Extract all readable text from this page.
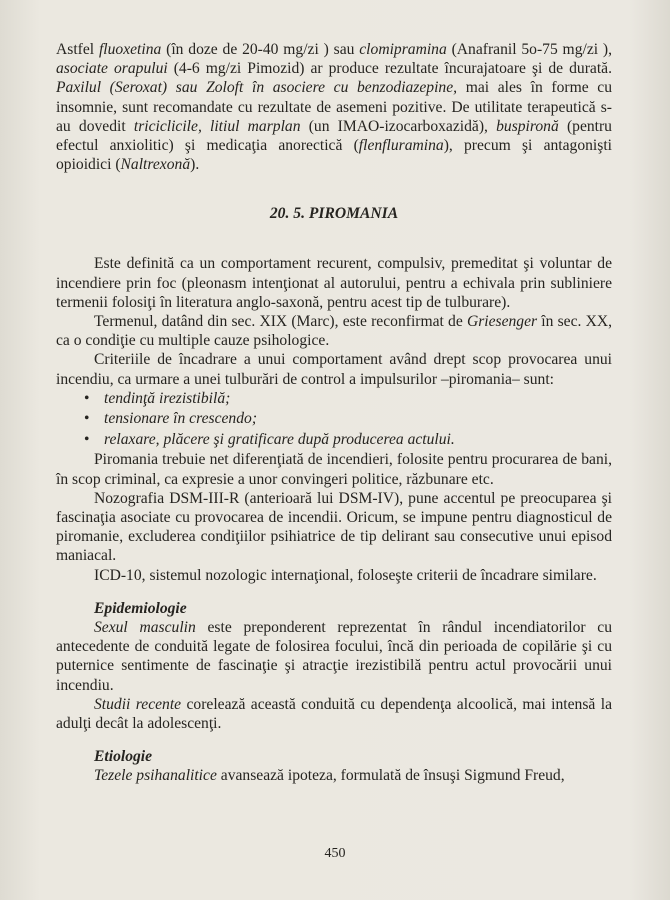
Astfel fluoxetina (în doze de 20-40 mg/zi ) sau clomipramina (Anafranil 5o-75 mg/zi ), asociate orapului (4-6 mg/zi Pimozid) ar produce rezultate încurajatoare şi de durată. Paxilul (Seroxat) sau Zoloft în asociere cu benzodiazepine, mai ales în forme cu insomnie, sunt recomandate cu rezultate de asemeni pozitive. De utilitate terapeutică s-au dovedit triciclicile, litiul marplan (un IMAO-izocarboxazidă), buspironă (pentru efectul anxiolitic) şi medicaţia anorectică (flenfluramina), precum şi antagonişti opioidici (Naltrexonă).

20. 5. PIROMANIA

Este definită ca un comportament recurent, compulsiv, premeditat şi voluntar de incendiere prin foc (pleonasm intenţionat al autorului, pentru a echivala prin subliniere termenii folosiţi în literatura anglo-saxonă, pentru acest tip de tulburare).

Termenul, datând din sec. XIX (Marc), este reconfirmat de Griesenger în sec. XX, ca o condiţie cu multiple cauze psihologice.

Criteriile de încadrare a unui comportament având drept scop provocarea unui incendiu, ca urmare a unei tulburări de control a impulsurilor –piromania– sunt:

• tendinţă irezistibilă;
• tensionare în crescendo;
• relaxare, plăcere şi gratificare după producerea actului.

Piromania trebuie net diferenţiată de incendieri, folosite pentru procurarea de bani, în scop criminal, ca expresie a unor convingeri politice, răzbunare etc.

Nozografia DSM-III-R (anterioară lui DSM-IV), pune accentul pe preocuparea şi fascinaţia asociate cu provocarea de incendii. Oricum, se impune pentru diagnosticul de piromanie, excluderea condiţiilor psihiatrice de tip delirant sau consecutive unui episod maniacal.

ICD-10, sistemul nozologic internaţional, foloseşte criterii de încadrare similare.

Epidemiologie

Sexul masculin este preponderent reprezentat în rândul incendiatorilor cu antecedente de conduită legate de folosirea focului, încă din perioada de copilărie şi cu puternice sentimente de fascinaţie şi atracţie irezistibilă pentru actul provocării unui incendiu.

Studii recente corelează această conduită cu dependenţa alcoolică, mai intensă la adulţi decât la adolescenţi.

Etiologie

Tezele psihanalitice avansează ipoteza, formulată de însuşi Sigmund Freud,

450
